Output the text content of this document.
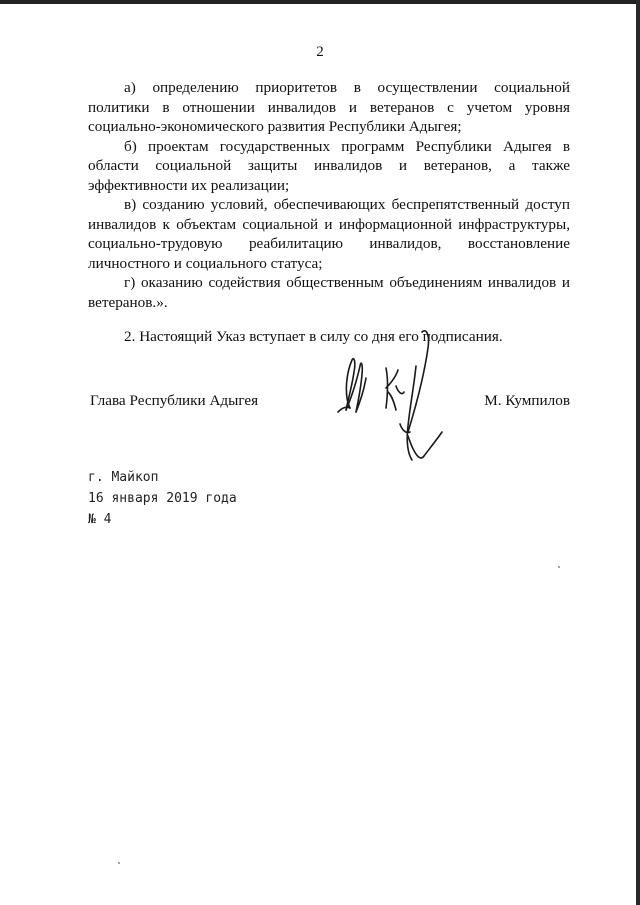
2

а) определению приоритетов в осуществлении социальной политики в отношении инвалидов и ветеранов с учетом уровня социально-экономического развития Республики Адыгея;

б) проектам государственных программ Республики Адыгея в области социальной защиты инвалидов и ветеранов, а также эффективности их реализации;

в) созданию условий, обеспечивающих беспрепятственный доступ инвалидов к объектам социальной и информационной инфраструктуры, социально-трудовую реабилитацию инвалидов, восстановление личностного и социального статуса;

г) оказанию содействия общественным объединениям инвалидов и ветеранов.».

2. Настоящий Указ вступает в силу со дня его подписания.

Глава Республики Адыгея	М. Кумпилов
г. Майкоп
16 января 2019 года
№ 4
